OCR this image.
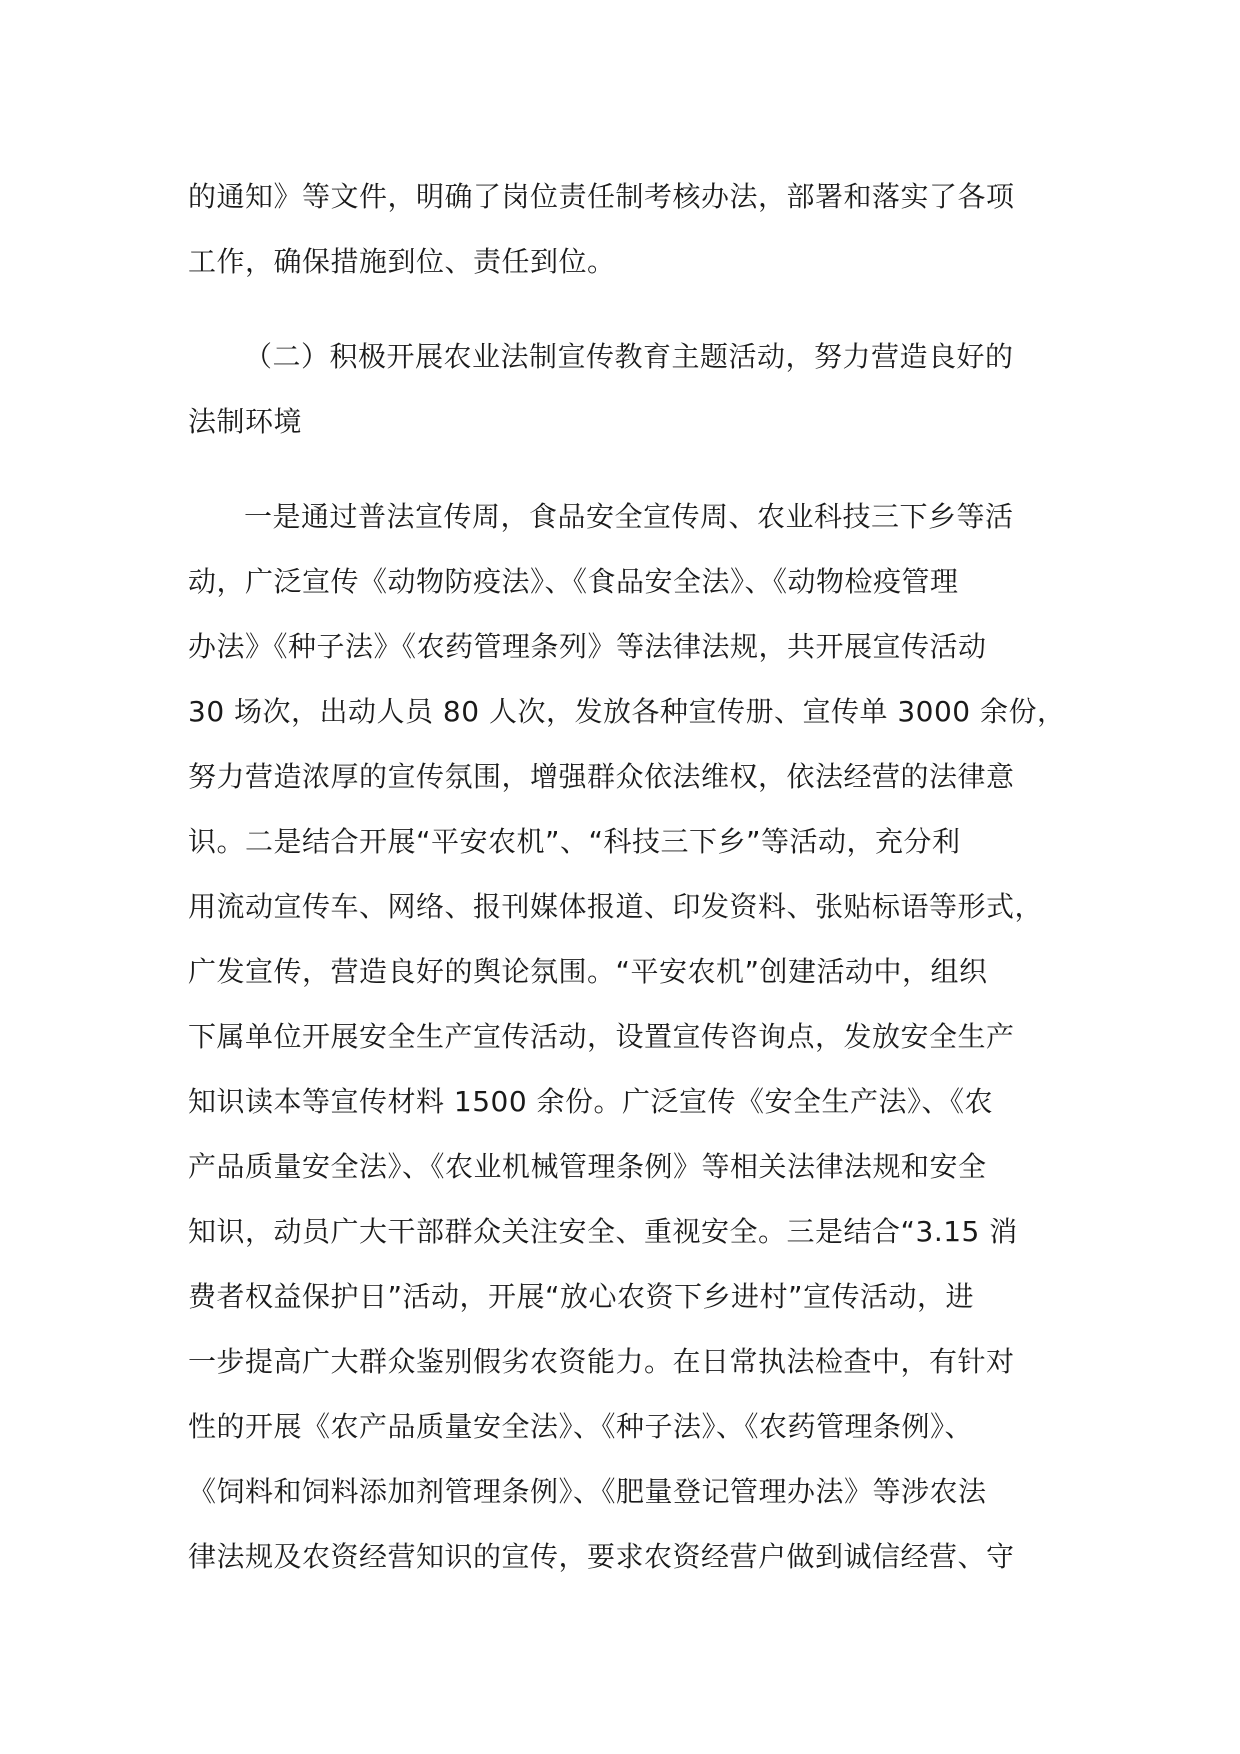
的通知》等文件，明确了岗位责任制考核办法，部署和落实了各项
工作，确保措施到位、责任到位。
（二）积极开展农业法制宣传教育主题活动，努力营造良好的
法制环境
一是通过普法宣传周，食品安全宣传周、农业科技三下乡等活
动，广泛宣传《动物防疫法》、《食品安全法》、《动物检疫管理
办法》《种子法》《农药管理条列》等法律法规，共开展宣传活动
30 场次，出动人员 80 人次，发放各种宣传册、宣传单 3000 余份，
努力营造浓厚的宣传氛围，增强群众依法维权，依法经营的法律意
识。二是结合开展“平安农机”、“科技三下乡”等活动，充分利
用流动宣传车、网络、报刊媒体报道、印发资料、张贴标语等形式，
广发宣传，营造良好的舆论氛围。“平安农机”创建活动中，组织
下属单位开展安全生产宣传活动，设置宣传咨询点，发放安全生产
知识读本等宣传材料 1500 余份。广泛宣传《安全生产法》、《农
产品质量安全法》、《农业机械管理条例》等相关法律法规和安全
知识，动员广大干部群众关注安全、重视安全。三是结合“3.15 消
费者权益保护日”活动，开展“放心农资下乡进村”宣传活动，进
一步提高广大群众鉴别假劣农资能力。在日常执法检查中，有针对
性的开展《农产品质量安全法》、《种子法》、《农药管理条例》、
《饲料和饲料添加剂管理条例》、《肥量登记管理办法》等涉农法
律法规及农资经营知识的宣传，要求农资经营户做到诚信经营、守
